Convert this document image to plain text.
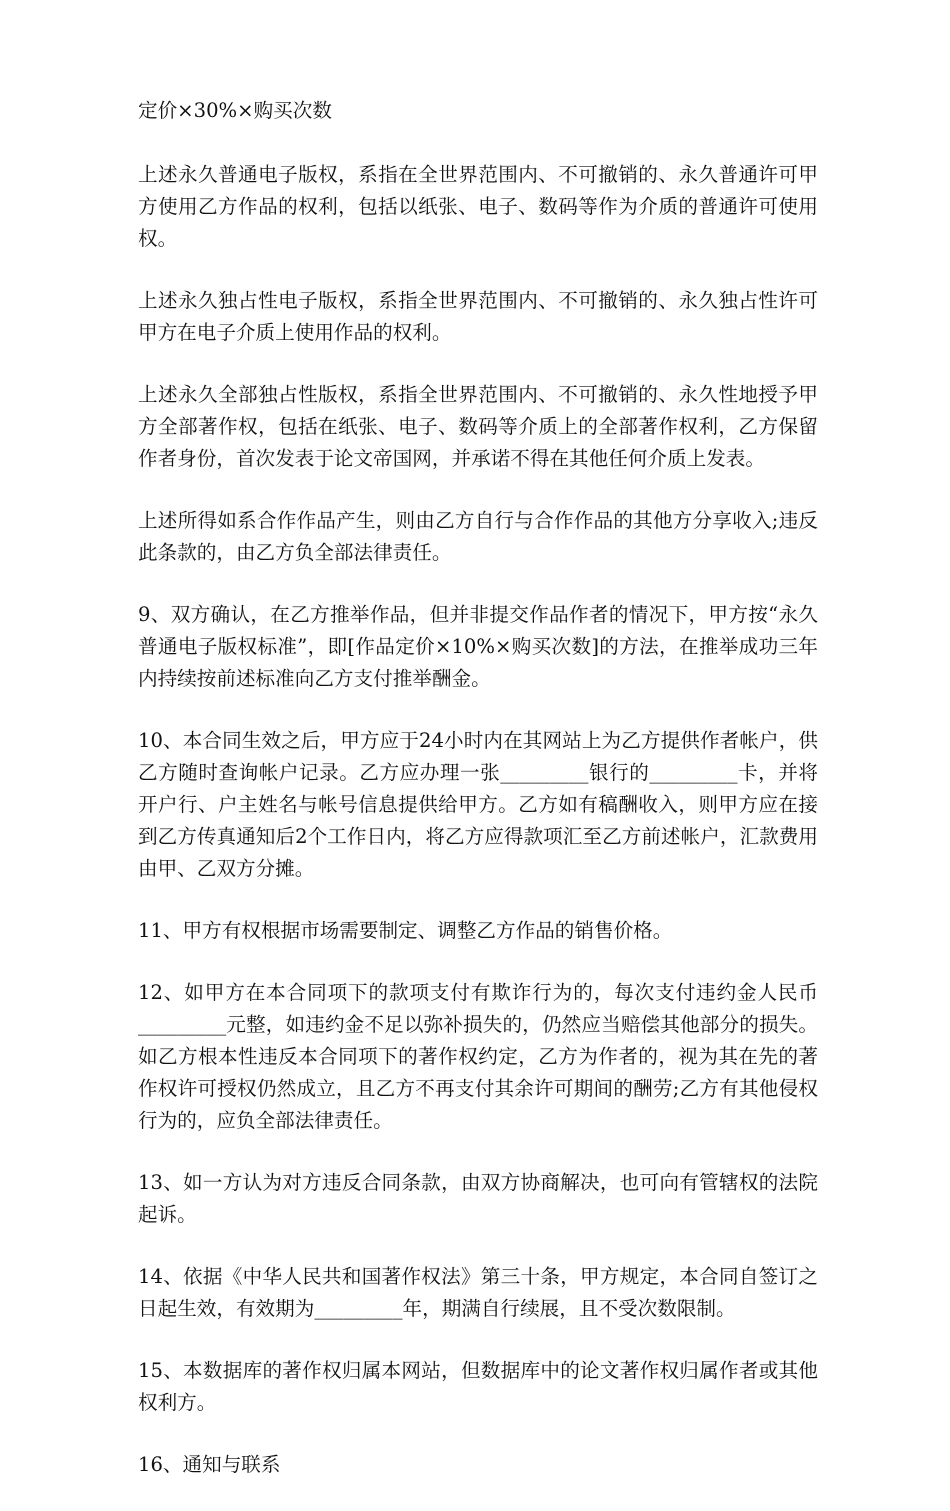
定价×30%×购买次数

上述永久普通电子版权，系指在全世界范围内、不可撤销的、永久普通许可甲方使用乙方作品的权利，包括以纸张、电子、数码等作为介质的普通许可使用权。

上述永久独占性电子版权，系指全世界范围内、不可撤销的、永久独占性许可甲方在电子介质上使用作品的权利。

上述永久全部独占性版权，系指全世界范围内、不可撤销的、永久性地授予甲方全部著作权，包括在纸张、电子、数码等介质上的全部著作权利，乙方保留作者身份，首次发表于论文帝国网，并承诺不得在其他任何介质上发表。

上述所得如系合作作品产生，则由乙方自行与合作作品的其他方分享收入;违反此条款的，由乙方负全部法律责任。

9、双方确认，在乙方推举作品，但并非提交作品作者的情况下，甲方按“永久普通电子版权标准”，即[作品定价×10%×购买次数]的方法，在推举成功三年内持续按前述标准向乙方支付推举酬金。

10、本合同生效之后，甲方应于24小时内在其网站上为乙方提供作者帐户，供乙方随时查询帐户记录。乙方应办理一张_________银行的_________卡，并将开户行、户主姓名与帐号信息提供给甲方。乙方如有稿酬收入，则甲方应在接到乙方传真通知后2个工作日内，将乙方应得款项汇至乙方前述帐户，汇款费用由甲、乙双方分摊。

11、甲方有权根据市场需要制定、调整乙方作品的销售价格。

12、如甲方在本合同项下的款项支付有欺诈行为的，每次支付违约金人民币_________元整，如违约金不足以弥补损失的，仍然应当赔偿其他部分的损失。如乙方根本性违反本合同项下的著作权约定，乙方为作者的，视为其在先的著作权许可授权仍然成立，且乙方不再支付其余许可期间的酬劳;乙方有其他侵权行为的，应负全部法律责任。

13、如一方认为对方违反合同条款，由双方协商解决，也可向有管辖权的法院起诉。

14、依据《中华人民共和国著作权法》第三十条，甲方规定，本合同自签订之日起生效，有效期为_________年，期满自行续展，且不受次数限制。

15、本数据库的著作权归属本网站，但数据库中的论文著作权归属作者或其他权利方。

16、通知与联系
